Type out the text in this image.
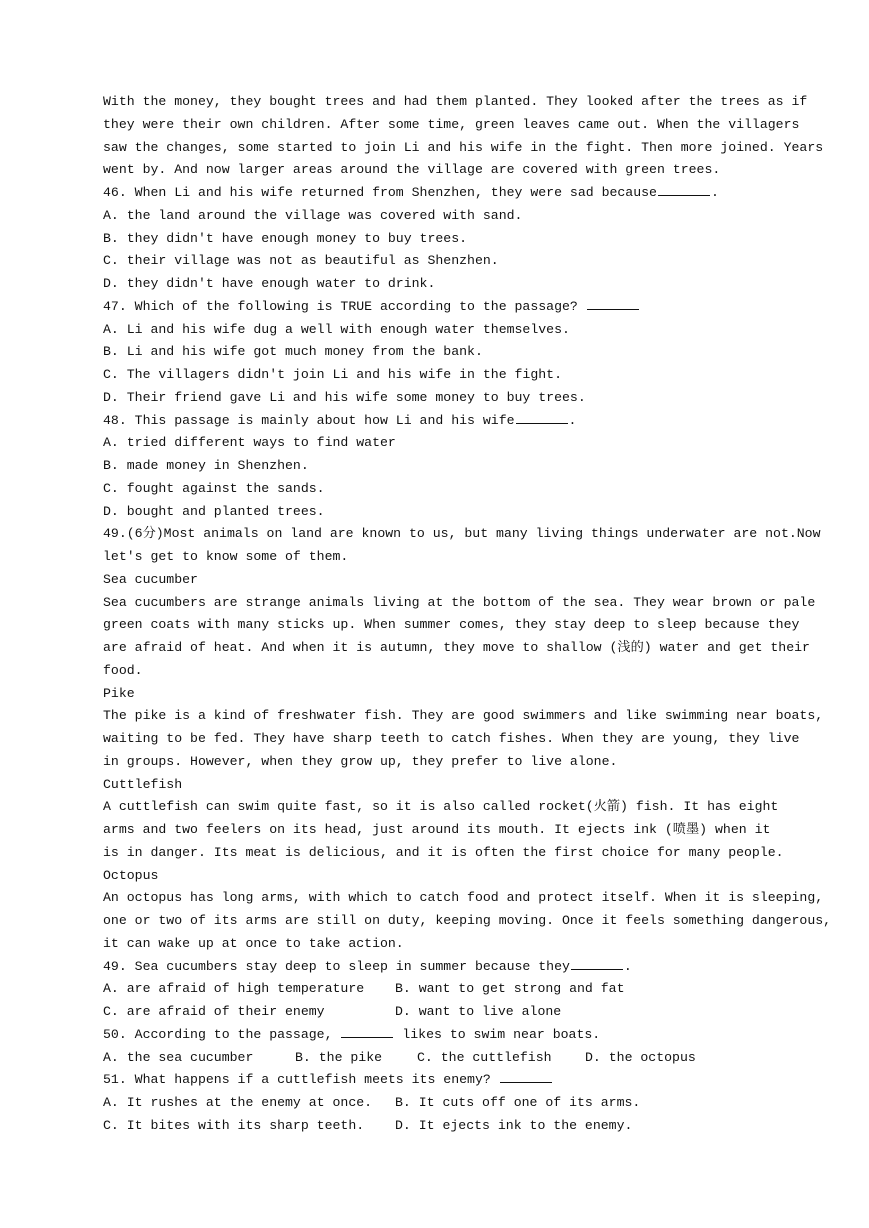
With the money, they bought trees and had them planted. They looked after the trees as if
they were their own children. After some time, green leaves came out. When the villagers
saw the changes, some started to join Li and his wife in the fight. Then more joined. Years
went by. And now larger areas around the village are covered with green trees.
46. When Li and his wife returned from Shenzhen, they were sad because	.
A. the land around the village was covered with sand.
B. they didn't have enough money to buy trees.
C. their village was not as beautiful as Shenzhen.
D. they didn't have enough water to drink.
47. Which of the following is TRUE according to the passage?
A. Li and his wife dug a well with enough water themselves.
B. Li and his wife got much money from the bank.
C. The villagers didn't join Li and his wife in the fight.
D. Their friend gave Li and his wife some money to buy trees.
48. This passage is mainly about how Li and his wife	.
A. tried different ways to find water
B. made money in Shenzhen.
C. fought against the sands.
D. bought and planted trees.
49.(6分)Most animals on land are known to us, but many living things underwater are not.Now
let's get to know some of them.
Sea cucumber
Sea cucumbers are strange animals living at the bottom of the sea. They wear brown or pale
green coats with many sticks up. When summer comes, they stay deep to sleep because they
are afraid of heat. And when it is autumn, they move to shallow (浅的) water and get their
food.
Pike
The pike is a kind of freshwater fish. They are good swimmers and like swimming near boats,
waiting to be fed. They have sharp teeth to catch fishes. When they are young, they live
in groups. However, when they grow up, they prefer to live alone.
Cuttlefish
A cuttlefish can swim quite fast, so it is also called rocket(火箭) fish. It has eight
arms and two feelers on its head, just around its mouth. It ejects ink (喷墨) when it
is in danger. Its meat is delicious, and it is often the first choice for many people.
Octopus
An octopus has long arms, with which to catch food and protect itself. When it is sleeping,
one or two of its arms are still on duty, keeping moving. Once it feels something dangerous,
it can wake up at once to take action.
49. Sea cucumbers stay deep to sleep in summer because they	.
A. are afraid of high temperature B. want to get strong and fat
C. are afraid of their enemy	D. want to live alone
50. According to the passage,	likes to swim near boats.
A. the sea cucumber	B. the pike	C. the cuttlefish	D. the octopus
51. What happens if a cuttlefish meets its enemy?
A. It rushes at the enemy at once. B. It cuts off one of its arms.
C. It bites with its sharp teeth. D. It ejects ink to the enemy.
